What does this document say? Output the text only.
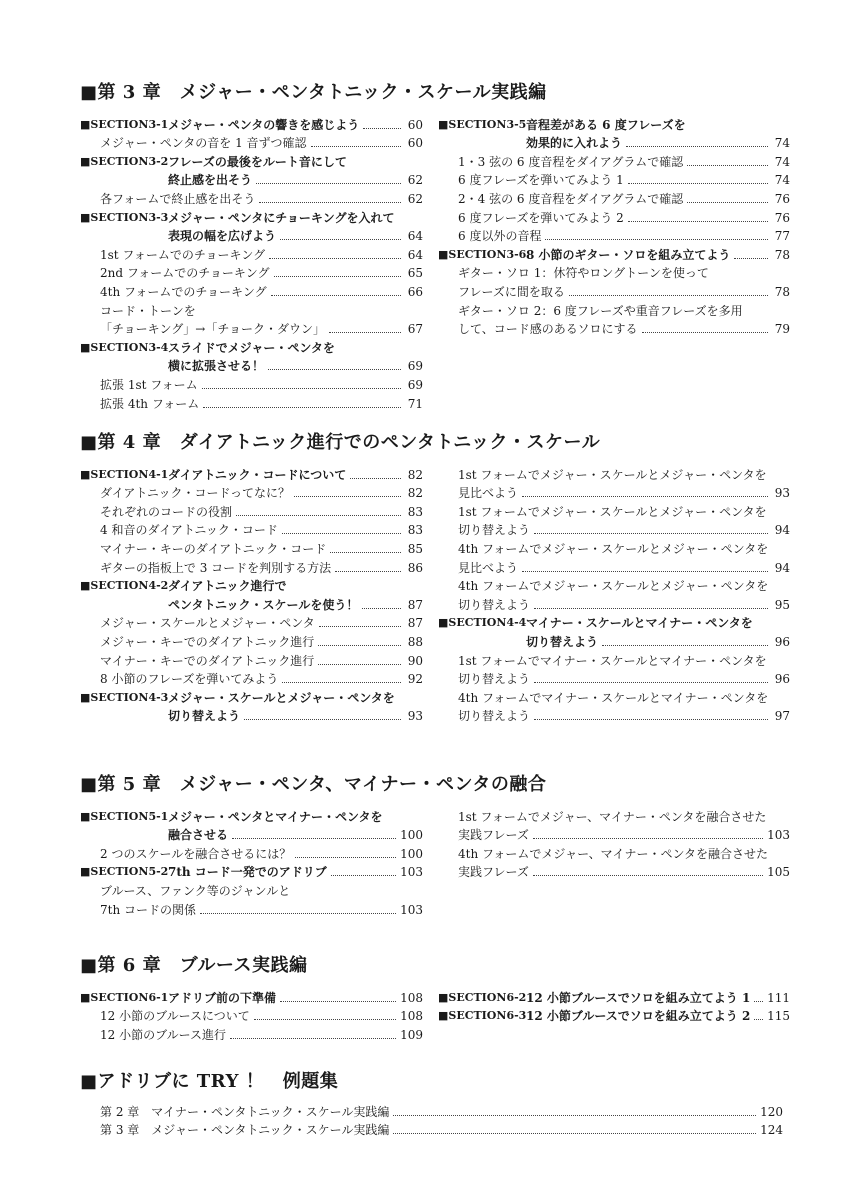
■第 3 章　メジャー・ペンタトニック・スケール実践編
■SECTION3-1 メジャー・ペンタの響きを感じよう	60
メジャー・ペンタの音を 1 音ずつ確認	60
■SECTION3-2 フレーズの最後をルート音にして
終止感を出そう	62
各フォームで終止感を出そう	62
■SECTION3-3 メジャー・ペンタにチョーキングを入れて
表現の幅を広げよう	64
1st フォームでのチョーキング	64
2nd フォームでのチョーキング	65
4th フォームでのチョーキング	66
コード・トーンを
「チョーキング」→「チョーク・ダウン」	67
■SECTION3-4 スライドでメジャー・ペンタを
横に拡張させる！	69
拡張 1st フォーム	69
拡張 4th フォーム	71
■SECTION3-5 音程差がある 6 度フレーズを
効果的に入れよう	74
1・3 弦の 6 度音程をダイアグラムで確認	74
6 度フレーズを弾いてみよう 1	74
2・4 弦の 6 度音程をダイアグラムで確認	76
6 度フレーズを弾いてみよう 2	76
6 度以外の音程	77
■SECTION3-6 8 小節のギター・ソロを組み立てよう	78
ギター・ソロ 1：休符やロングトーンを使って
フレーズに間を取る	78
ギター・ソロ 2：6 度フレーズや重音フレーズを多用
して、コード感のあるソロにする	79
■第 4 章　ダイアトニック進行でのペンタトニック・スケール
■SECTION4-1 ダイアトニック・コードについて	82
ダイアトニック・コードってなに？	82
それぞれのコードの役割	83
4 和音のダイアトニック・コード	83
マイナー・キーのダイアトニック・コード	85
ギターの指板上で 3 コードを判別する方法	86
■SECTION4-2 ダイアトニック進行で
ペンタトニック・スケールを使う！	87
メジャー・スケールとメジャー・ペンタ	87
メジャー・キーでのダイアトニック進行	88
マイナー・キーでのダイアトニック進行	90
8 小節のフレーズを弾いてみよう	92
■SECTION4-3 メジャー・スケールとメジャー・ペンタを
切り替えよう	93
1st フォームでメジャー・スケールとメジャー・ペンタを
見比べよう	93
1st フォームでメジャー・スケールとメジャー・ペンタを
切り替えよう	94
4th フォームでメジャー・スケールとメジャー・ペンタを
見比べよう	94
4th フォームでメジャー・スケールとメジャー・ペンタを
切り替えよう	95
■SECTION4-4 マイナー・スケールとマイナー・ペンタを
切り替えよう	96
1st フォームでマイナー・スケールとマイナー・ペンタを
切り替えよう	96
4th フォームでマイナー・スケールとマイナー・ペンタを
切り替えよう	97
■第 5 章　メジャー・ペンタ、マイナー・ペンタの融合
■SECTION5-1 メジャー・ペンタとマイナー・ペンタを
融合させる	100
2 つのスケールを融合させるには？	100
■SECTION5-2 7th コード一発でのアドリブ	103
ブルース、ファンク等のジャンルと
7th コードの関係	103
1st フォームでメジャー、マイナー・ペンタを融合させた
実践フレーズ	103
4th フォームでメジャー、マイナー・ペンタを融合させた
実践フレーズ	105
■第 6 章　ブルース実践編
■SECTION6-1 アドリブ前の下準備	108
12 小節のブルースについて	108
12 小節のブルース進行	109
■SECTION6-2 12 小節ブルースでソロを組み立てよう 1 111
■SECTION6-3 12 小節ブルースでソロを組み立てよう 2 115
■アドリブに TRY ！　例題集
第 2 章　マイナー・ペンタトニック・スケール実践編	120
第 3 章　メジャー・ペンタトニック・スケール実践編	124
